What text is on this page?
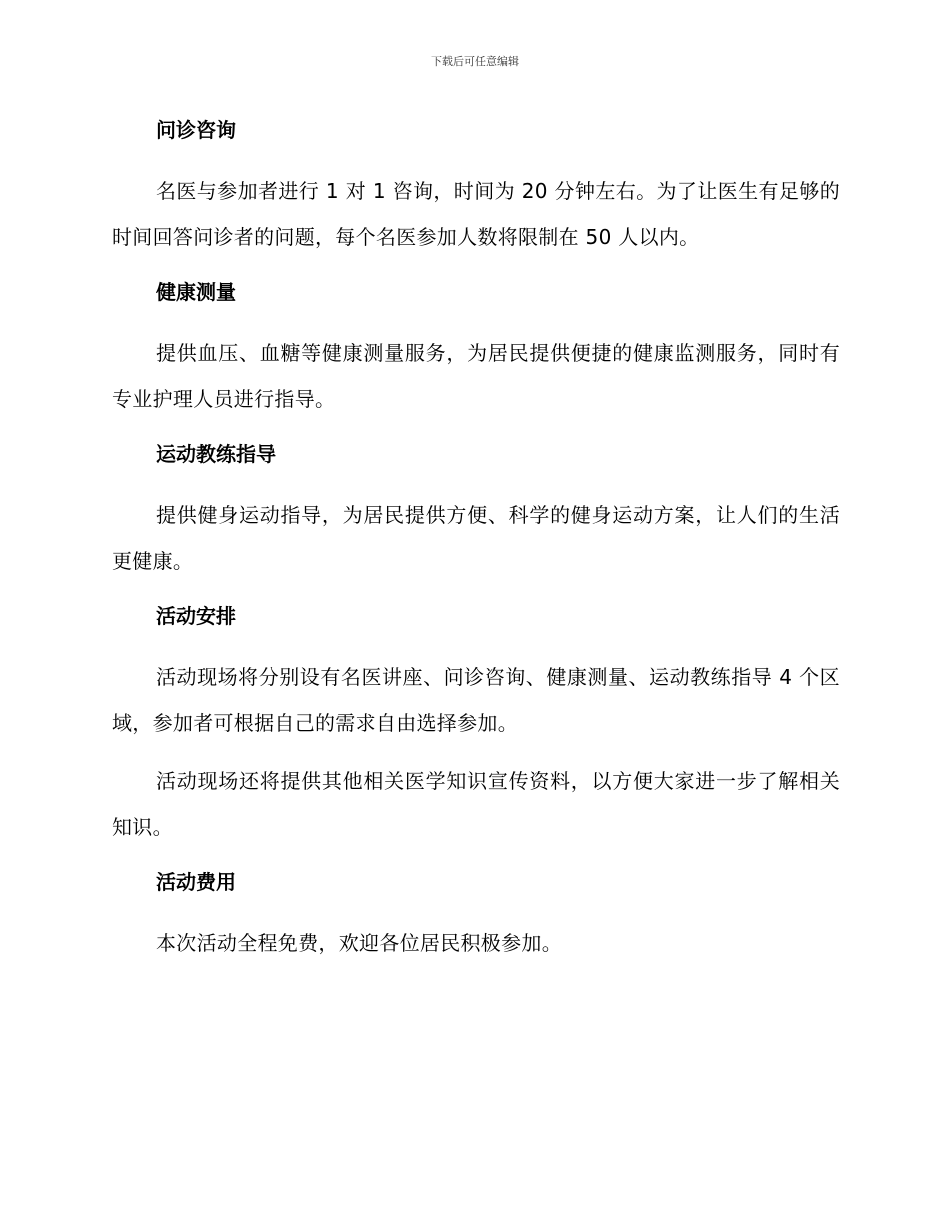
下载后可任意编辑
问诊咨询

名医与参加者进行 1 对 1 咨询，时间为 20 分钟左右。为了让医生有足够的时间回答问诊者的问题，每个名医参加人数将限制在 50 人以内。

健康测量

提供血压、血糖等健康测量服务，为居民提供便捷的健康监测服务，同时有专业护理人员进行指导。

运动教练指导

提供健身运动指导，为居民提供方便、科学的健身运动方案，让人们的生活更健康。

活动安排

活动现场将分别设有名医讲座、问诊咨询、健康测量、运动教练指导 4 个区域，参加者可根据自己的需求自由选择参加。

活动现场还将提供其他相关医学知识宣传资料，以方便大家进一步了解相关知识。

活动费用

本次活动全程免费，欢迎各位居民积极参加。
